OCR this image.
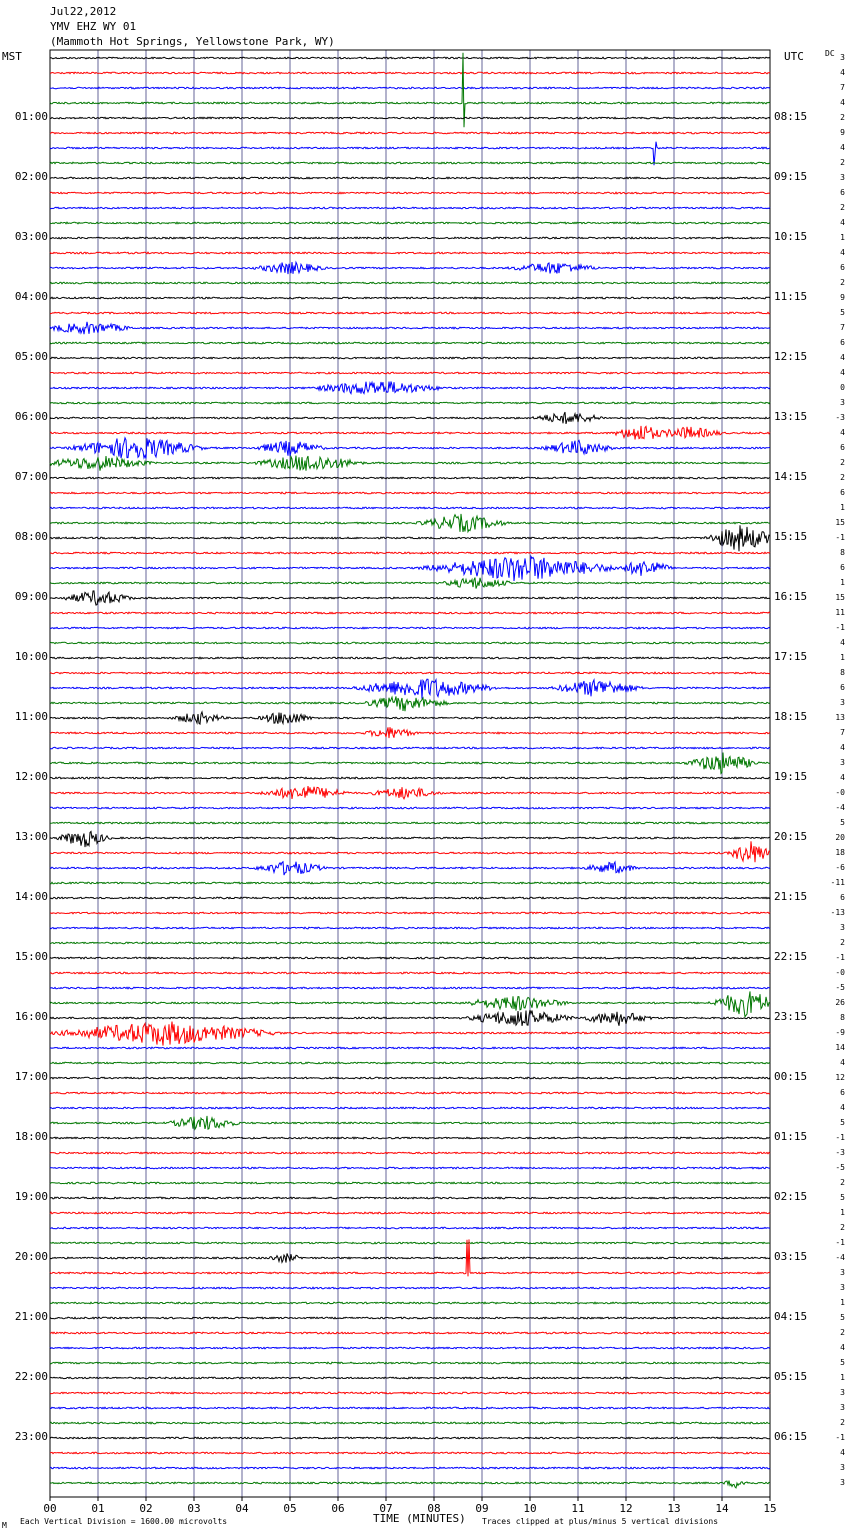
Jul22,2012
YMV EHZ WY 01
(Mammoth Hot Springs, Yellowstone Park, WY)
MST	UTC	DC
01:00	08:15
02:00	09:15
03:00	10:15
04:00	11:15
05:00	12:15
06:00	13:15
07:00	14:15
08:00	15:15
09:00	16:15
10:00	17:15
11:00	18:15
12:00	19:15
13:00	20:15
14:00	21:15
15:00	22:15
16:00	23:15
17:00	00:15
18:00	01:15
19:00	02:15
20:00	03:15
21:00	04:15
22:00	05:15
23:00	06:15
3
4
7
4
2
9
4
2
3
6
2
4
1
4
6
2
9
5
7
6
4
4
0
3
-3
4
6
2
2
6
1
15
-1
8
6
1
15
11
-1
4
1
8
6
3
13
7
4
3
4
-0
-4
5
20
18
-6
-11
6
-13
3
2
-1
-0
-5
26
8
-9
14
4
12
6
4
5
-1
-3
-5
2
5
1
2
-1
-4
3
3
1
5
2
4
5
1
3
3
2
-1
4
3
3
00	01	02	03	04	05	06	07	08	09	10	11	12	13	14	15
TIME (MINUTES)
Each Vertical Division = 1600.00 microvolts	Traces clipped at plus/minus 5 vertical divisions
M
